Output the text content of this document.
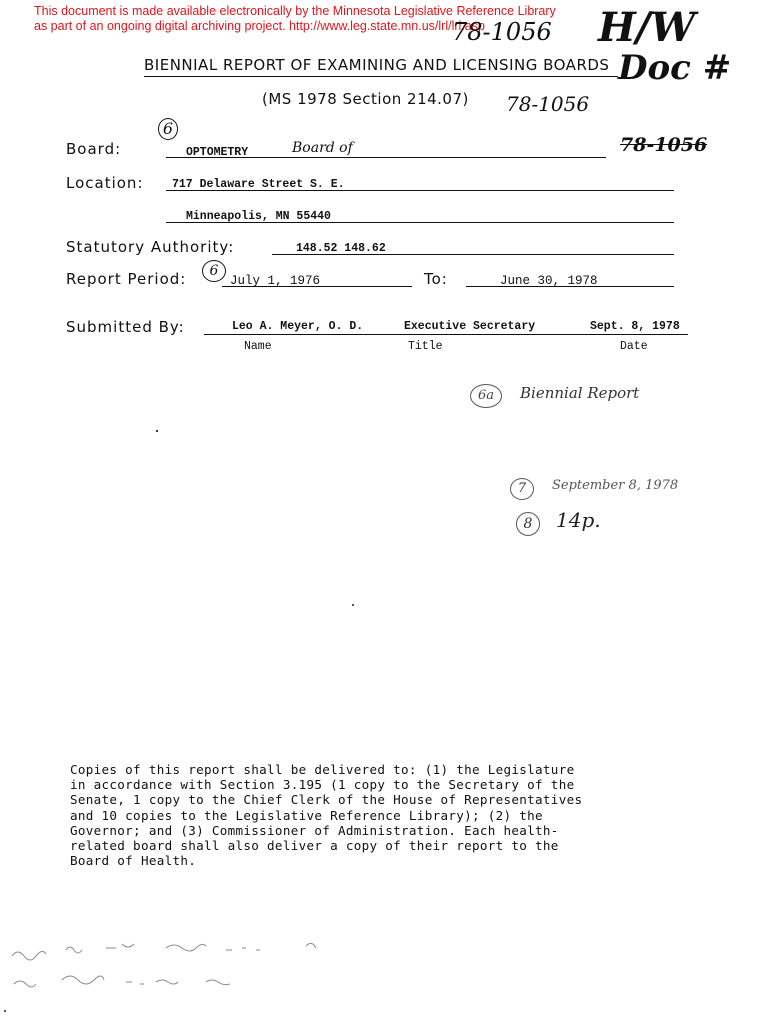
This document is made available electronically by the Minnesota Legislative Reference Library
as part of an ongoing digital archiving project. http://www.leg.state.mn.us/lrl/lrl.asp
78-1056 H/W
Doc #
BIENNIAL REPORT OF EXAMINING AND LICENSING BOARDS
(MS 1978 Section 214.07) 78-1056
Board:
6
OPTOMETRY	Board of	78-1056
Location: 717 Delaware Street S. E.
Minneapolis, MN 55440
Statutory Authority:	148.52 148.62
Report Period:	6
July 1, 1976	To:	June 30, 1978
Submitted By:	Leo A. Meyer, O. D.	Executive Secretary	Sept. 8, 1978
Name	Title	Date
6a	Biennial Report
7	September 8, 1978
8	14p.
Copies of this report shall be delivered to: (1) the Legislature
in accordance with Section 3.195 (1 copy to the Secretary of the
Senate, 1 copy to the Chief Clerk of the House of Representatives
and 10 copies to the Legislative Reference Library); (2) the
Governor; and (3) Commissioner of Administration. Each health-
related board shall also deliver a copy of their report to the
Board of Health.
